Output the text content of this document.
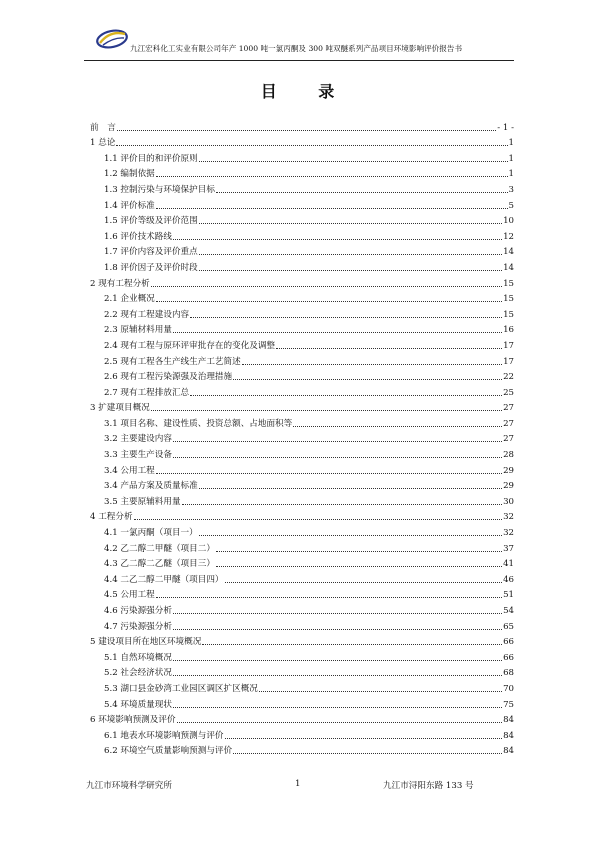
九江宏科化工实业有限公司年产 1000 吨一氯丙酮及 300 吨双醚系列产品项目环境影响评价报告书
目 录
前　言	- 1 -
1 总论	1
1.1 评价目的和评价原则	1
1.2 编制依据	1
1.3 控制污染与环境保护目标	3
1.4 评价标准	5
1.5 评价等级及评价范围	10
1.6 评价技术路线	12
1.7 评价内容及评价重点	14
1.8 评价因子及评价时段	14
2 现有工程分析	15
2.1 企业概况	15
2.2 现有工程建设内容	15
2.3 原辅材料用量	16
2.4 现有工程与原环评审批存在的变化及调整	17
2.5 现有工程各生产线生产工艺简述	17
2.6 现有工程污染源强及治理措施	22
2.7 现有工程排放汇总	25
3 扩建项目概况	27
3.1 项目名称、建设性质、投资总额、占地面积等	27
3.2 主要建设内容	27
3.3 主要生产设备	28
3.4 公用工程	29
3.4 产品方案及质量标准	29
3.5 主要原辅料用量	30
4 工程分析	32
4.1 一氯丙酮（项目一）	32
4.2 乙二醇二甲醚（项目二）	37
4.3 乙二醇二乙醚（项目三）	41
4.4 二乙二醇二甲醚（项目四）	46
4.5 公用工程	51
4.6 污染源强分析	54
4.7 污染源强分析	65
5 建设项目所在地区环境概况	66
5.1 自然环境概况	66
5.2 社会经济状况	68
5.3 湖口县金砂湾工业园区调区扩区概况	70
5.4 环境质量现状	75
6 环境影响预测及评价	84
6.1 地表水环境影响预测与评价	84
6.2 环境空气质量影响预测与评价	84
九江市环境科学研究所	1	九江市浔阳东路 133 号
